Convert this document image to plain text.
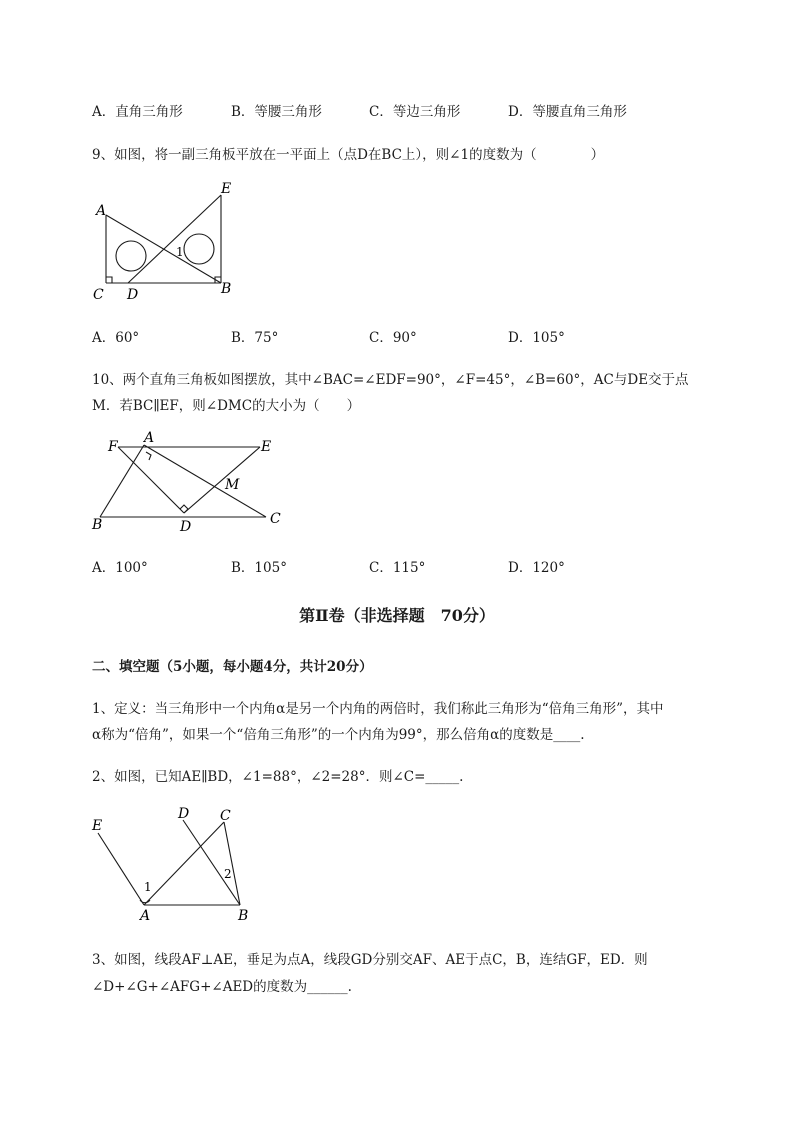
A．直角三角形	B．等腰三角形	C．等边三角形	D．等腰直角三角形
9、如图，将一副三角板平放在一平面上（点D在BC上），则∠1的度数为（　　　　）
A
C D	B
E
1
A．60°	B．75°	C．90°	D．105°
10、两个直角三角板如图摆放，其中∠BAC=∠EDF=90°，∠F=45°，∠B=60°，AC与DE交于点
M．若BC∥EF，则∠DMC的大小为（　　）
F
A
E
M
B	D	C
A．100°	B．105°	C．115°	D．120°
第Ⅱ卷（非选择题　70分）
二、填空题（5小题，每小题4分，共计20分）
1、定义：当三角形中一个内角α是另一个内角的两倍时，我们称此三角形为“倍角三角形”，其中
α称为“倍角”，如果一个“倍角三角形”的一个内角为99°，那么倍角α的度数是____.
2、如图，已知AE∥BD，∠1=88°，∠2=28°．则∠C=_____.
E
D C
1
2
A	B
3、如图，线段AF⊥AE，垂足为点A，线段GD分别交AF、AE于点C，B，连结GF，ED．则
∠D+∠G+∠AFG+∠AED的度数为______.
